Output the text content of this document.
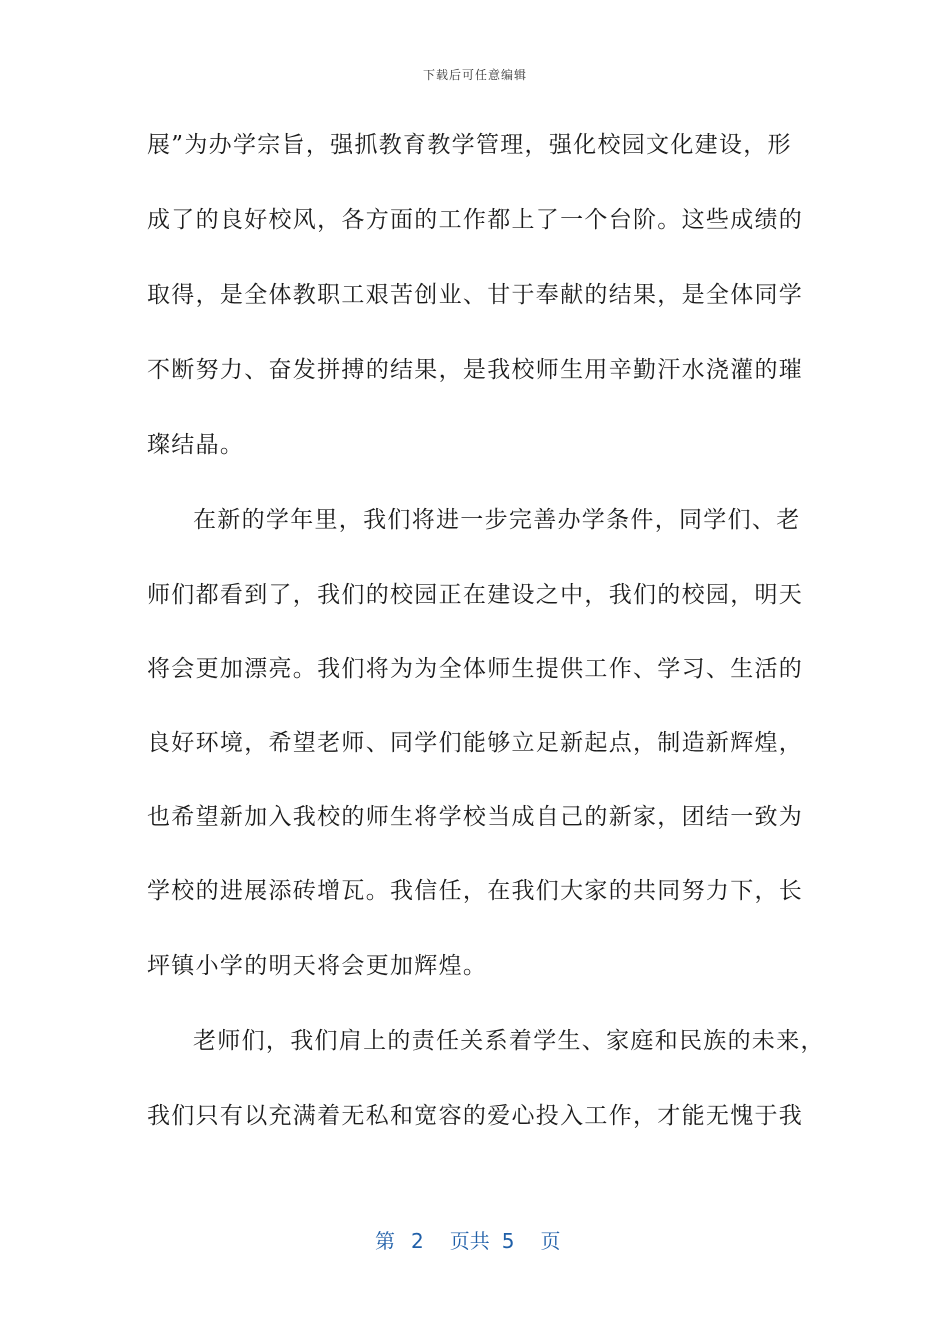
下载后可任意编辑

展”为办学宗旨，强抓教育教学管理，强化校园文化建设，形

成了的良好校风，各方面的工作都上了一个台阶。这些成绩的

取得，是全体教职工艰苦创业、甘于奉献的结果，是全体同学

不断努力、奋发拼搏的结果，是我校师生用辛勤汗水浇灌的璀

璨结晶。

在新的学年里，我们将进一步完善办学条件，同学们、老

师们都看到了，我们的校园正在建设之中，我们的校园，明天

将会更加漂亮。我们将为为全体师生提供工作、学习、生活的

良好环境，希望老师、同学们能够立足新起点，制造新辉煌，

也希望新加入我校的师生将学校当成自己的新家，团结一致为

学校的进展添砖增瓦。我信任，在我们大家的共同努力下，长

坪镇小学的明天将会更加辉煌。

老师们，我们肩上的责任关系着学生、家庭和民族的未来，

我们只有以充满着无私和宽容的爱心投入工作，才能无愧于我

第 2 页共 5 页
